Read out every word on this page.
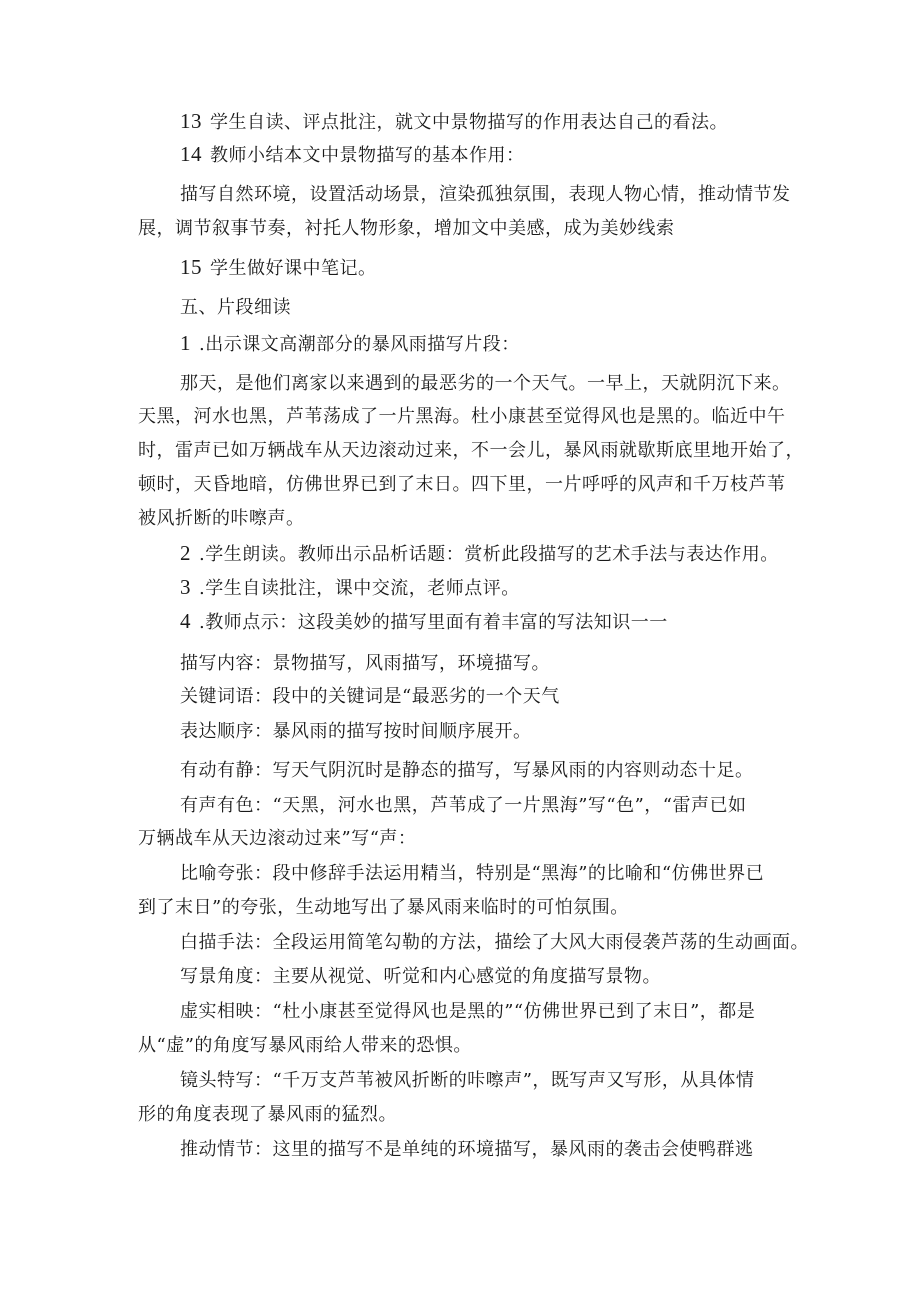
13 学生自读、评点批注，就文中景物描写的作用表达自己的看法。
14 教师小结本文中景物描写的基本作用：
描写自然环境，设置活动场景，渲染孤独氛围，表现人物心情，推动情节发
展，调节叙事节奏，衬托人物形象，增加文中美感，成为美妙线索
15 学生做好课中笔记。
五、片段细读
1 .出示课文高潮部分的暴风雨描写片段：
那天，是他们离家以来遇到的最恶劣的一个天气。一早上，天就阴沉下来。
天黑，河水也黑，芦苇荡成了一片黑海。杜小康甚至觉得风也是黑的。临近中午
时，雷声已如万辆战车从天边滚动过来，不一会儿，暴风雨就歇斯底里地开始了，
顿时，天昏地暗，仿佛世界已到了末日。四下里，一片呼呼的风声和千万枝芦苇
被风折断的咔嚓声。
2 .学生朗读。教师出示品析话题：赏析此段描写的艺术手法与表达作用。
3 .学生自读批注，课中交流，老师点评。
4 .教师点示：这段美妙的描写里面有着丰富的写法知识一一
描写内容：景物描写，风雨描写，环境描写。
关键词语：段中的关键词是“最恶劣的一个天气
表达顺序：暴风雨的描写按时间顺序展开。
有动有静：写天气阴沉时是静态的描写，写暴风雨的内容则动态十足。
有声有色：“天黑，河水也黑，芦苇成了一片黑海”写“色”，“雷声已如
万辆战车从天边滚动过来”写“声：
比喻夸张：段中修辞手法运用精当，特别是“黑海”的比喻和“仿佛世界已
到了末日”的夸张，生动地写出了暴风雨来临时的可怕氛围。
白描手法：全段运用简笔勾勒的方法，描绘了大风大雨侵袭芦荡的生动画面。
写景角度：主要从视觉、听觉和内心感觉的角度描写景物。
虚实相映：“杜小康甚至觉得风也是黑的”“仿佛世界已到了末日”，都是
从“虚”的角度写暴风雨给人带来的恐惧。
镜头特写：“千万支芦苇被风折断的咔嚓声”，既写声又写形，从具体情
形的角度表现了暴风雨的猛烈。
推动情节：这里的描写不是单纯的环境描写，暴风雨的袭击会使鸭群逃
